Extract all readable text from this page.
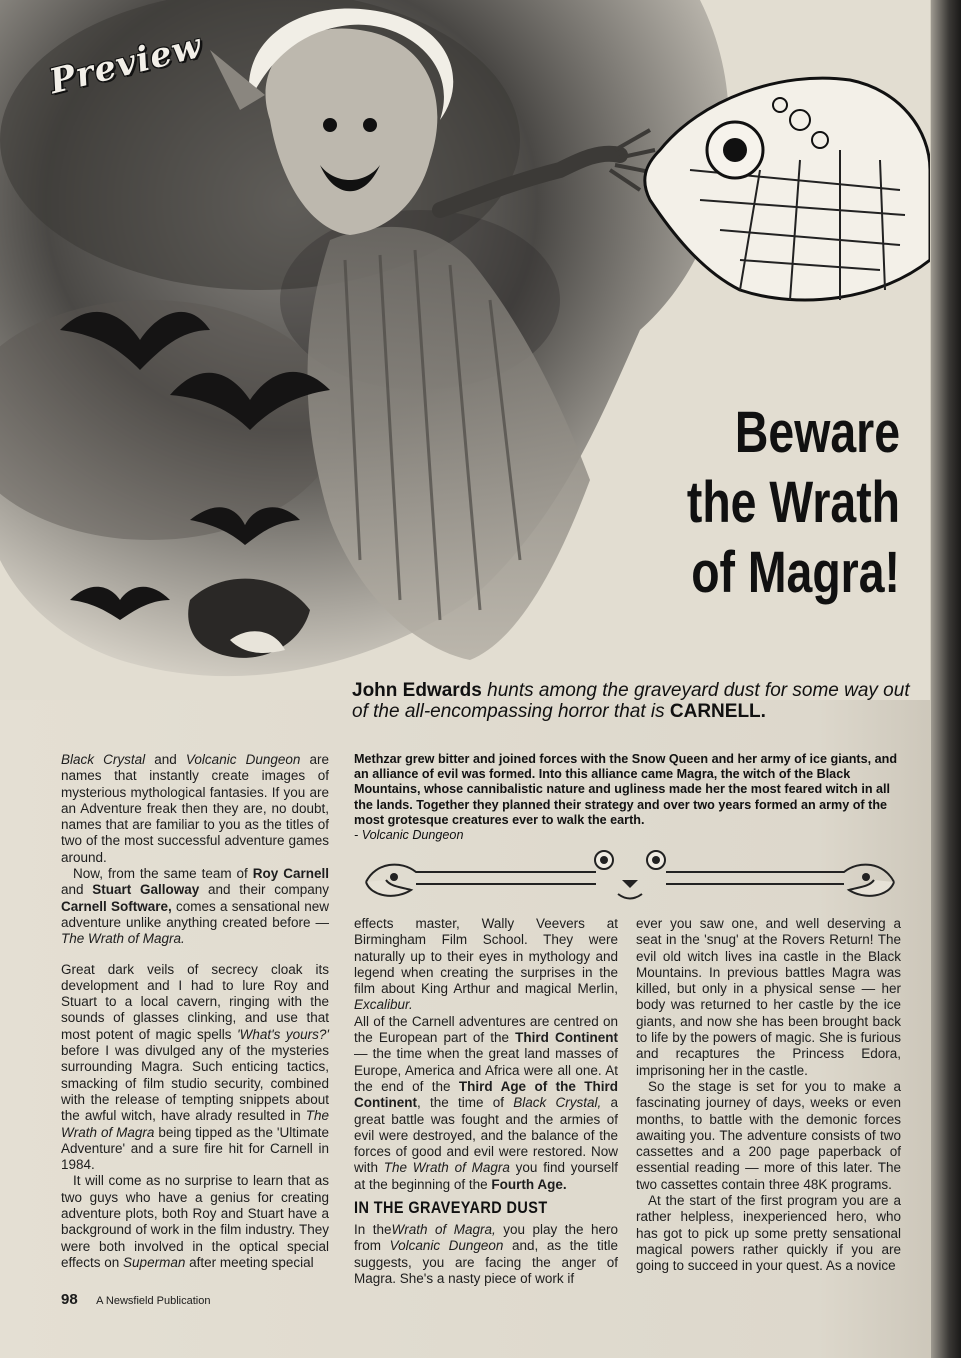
Preview
Beware
the Wrath
of Magra!
John Edwards hunts among the graveyard dust for some way out of the all-encompassing horror that is CARNELL.

Black Crystal and Volcanic Dungeon are names that instantly create images of mysterious mythological fantasies. If you are an Adventure freak then they are, no doubt, names that are familiar to you as the titles of two of the most successful adventure games around.

Now, from the same team of Roy Carnell and Stuart Galloway and their company Carnell Software, comes a sensational new adventure unlike anything created before — The Wrath of Magra.

Great dark veils of secrecy cloak its development and I had to lure Roy and Stuart to a local cavern, ringing with the sounds of glasses clinking, and use that most potent of magic spells 'What's yours?' before I was divulged any of the mysteries surrounding Magra. Such enticing tactics, smacking of film studio security, combined with the release of tempting snippets about the awful witch, have alrady resulted in The Wrath of Magra being tipped as the 'Ultimate Adventure' and a sure fire hit for Carnell in 1984.

It will come as no surprise to learn that as two guys who have a genius for creating adventure plots, both Roy and Stuart have a background of work in the film industry. They were both involved in the optical special effects on Superman after meeting special

Methzar grew bitter and joined forces with the Snow Queen and her army of ice giants, and an alliance of evil was formed. Into this alliance came Magra, the witch of the Black Mountains, whose cannibalistic nature and ugliness made her the most feared witch in all the lands. Together they planned their strategy and over two years formed an army of the most grotesque creatures ever to walk the earth.
- Volcanic Dungeon

effects master, Wally Veevers at Birmingham Film School. They were naturally up to their eyes in mythology and legend when creating the surprises in the film about King Arthur and magical Merlin, Excalibur.

All of the Carnell adventures are centred on the European part of the Third Continent — the time when the great land masses of Europe, America and Africa were all one. At the end of the Third Age of the Third Continent, the time of Black Crystal, a great battle was fought and the armies of evil were destroyed, and the balance of the forces of good and evil were restored. Now with The Wrath of Magra you find yourself at the beginning of the Fourth Age.

IN THE GRAVEYARD DUST

In theWrath of Magra, you play the hero from Volcanic Dungeon and, as the title suggests, you are facing the anger of Magra. She's a nasty piece of work if

ever you saw one, and well deserving a seat in the 'snug' at the Rovers Return! The evil old witch lives ina castle in the Black Mountains. In previous battles Magra was killed, but only in a physical sense — her body was returned to her castle by the ice giants, and now she has been brought back to life by the powers of magic. She is furious and recaptures the Princess Edora, imprisoning her in the castle.

So the stage is set for you to make a fascinating journey of days, weeks or even months, to battle with the demonic forces awaiting you. The adventure consists of two cassettes and a 200 page paperback of essential reading — more of this later. The two cassettes contain three 48K programs.

At the start of the first program you are a rather helpless, inexperienced hero, who has got to pick up some pretty sensational magical powers rather quickly if you are going to succeed in your quest. As a novice

98 A Newsfield Publication
